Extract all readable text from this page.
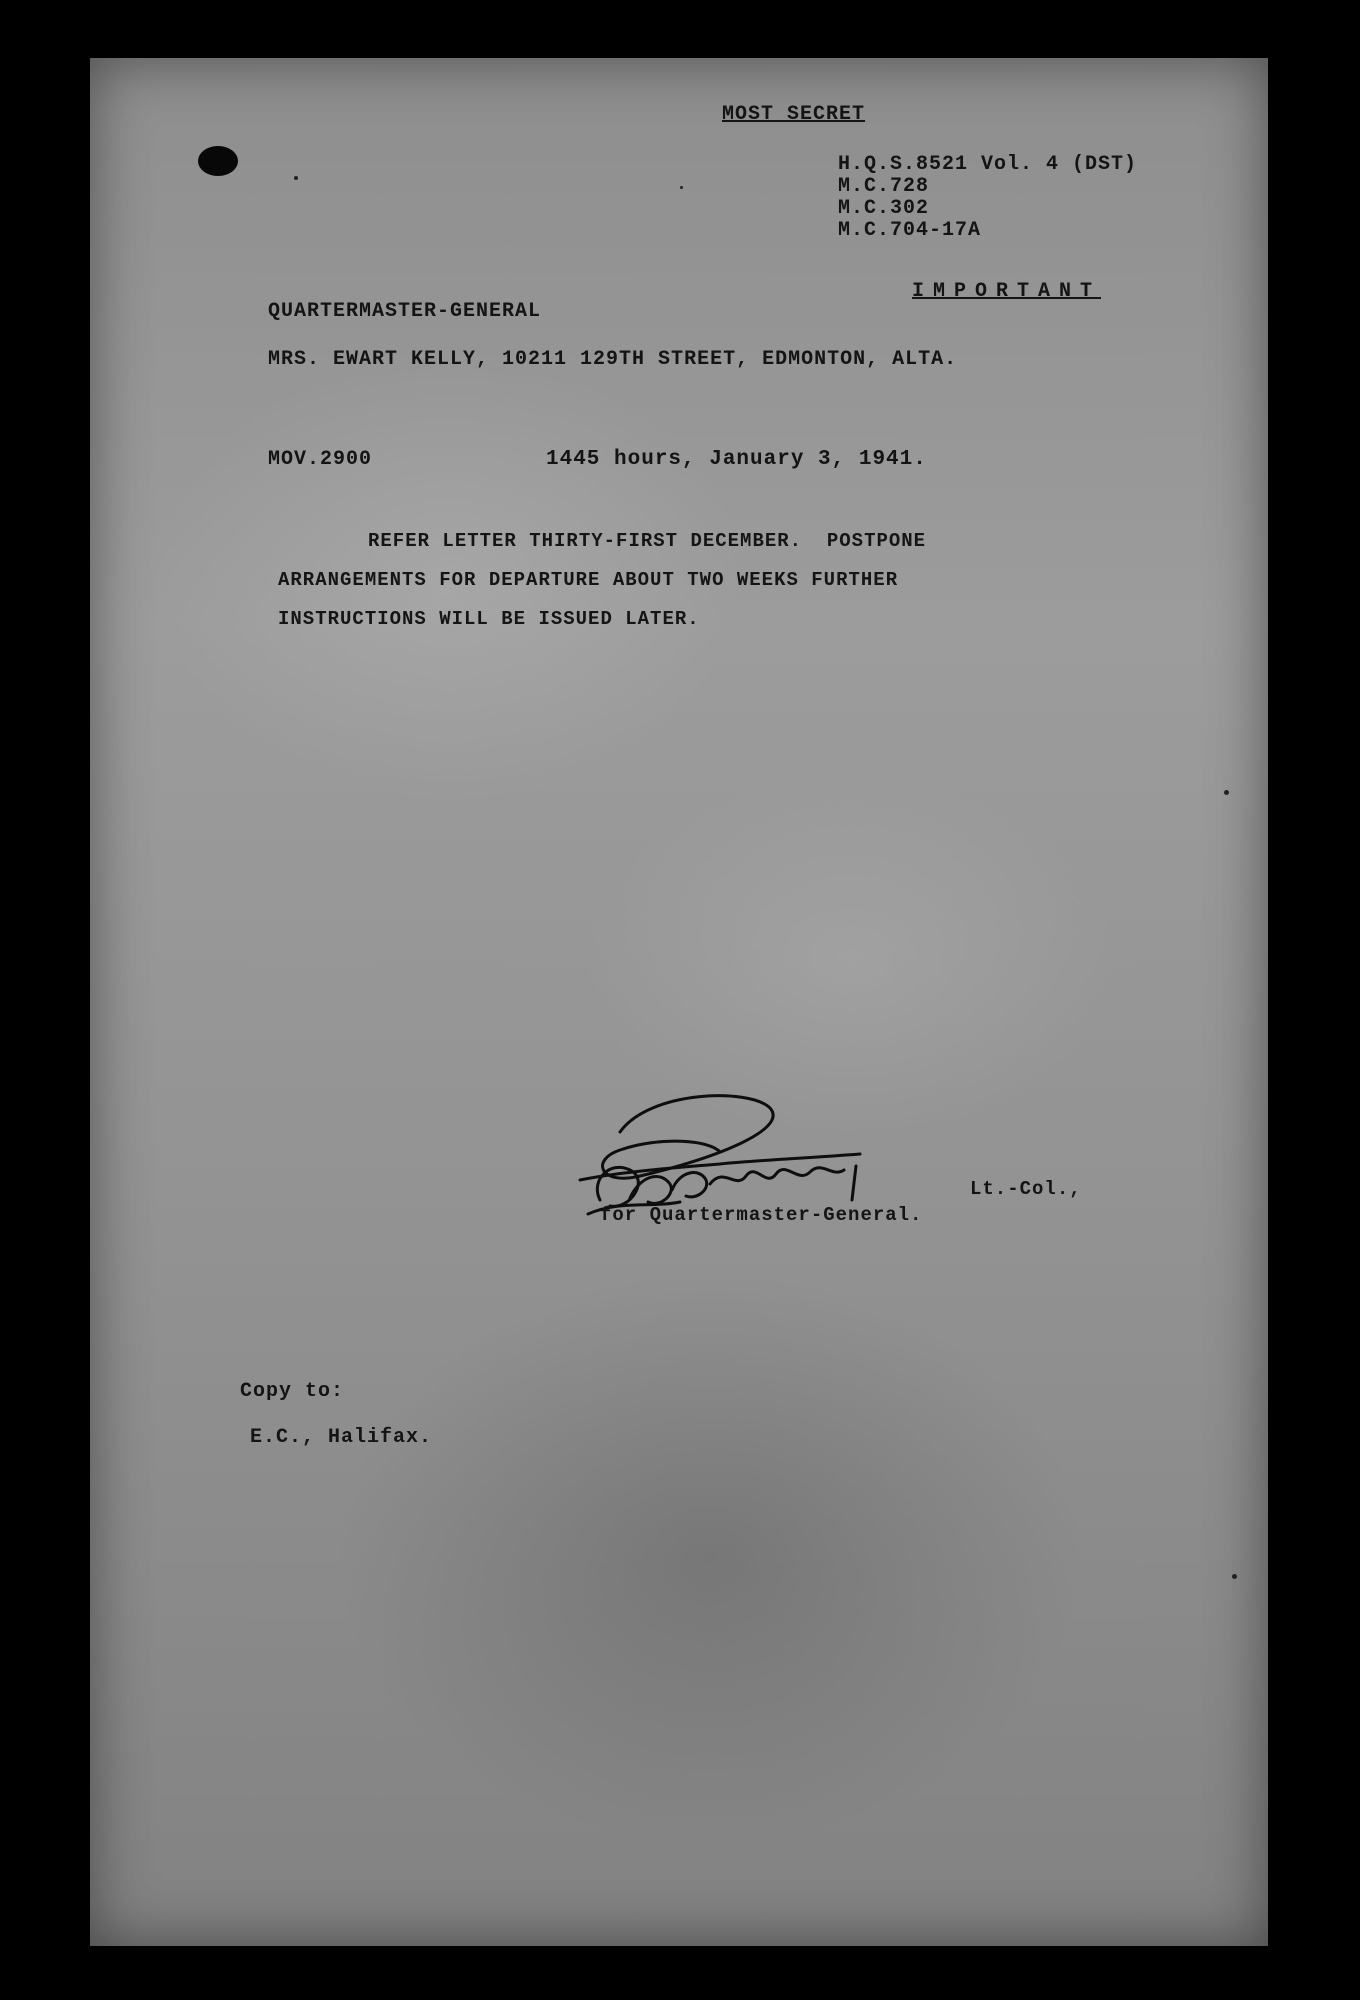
MOST SECRET
H.Q.S.8521 Vol. 4 (DST)
M.C.728
M.C.302
M.C.704-17A
IMPORTANT
QUARTERMASTER-GENERAL
MRS. EWART KELLY, 10211 129TH STREET, EDMONTON, ALTA.
MOV.2900	1445 hours, January 3, 1941.
REFER LETTER THIRTY-FIRST DECEMBER.  POSTPONE
ARRANGEMENTS FOR DEPARTURE ABOUT TWO WEEKS FURTHER
INSTRUCTIONS WILL BE ISSUED LATER.
Lt.-Col.,
for Quartermaster-General.
Copy to:
E.C., Halifax.
